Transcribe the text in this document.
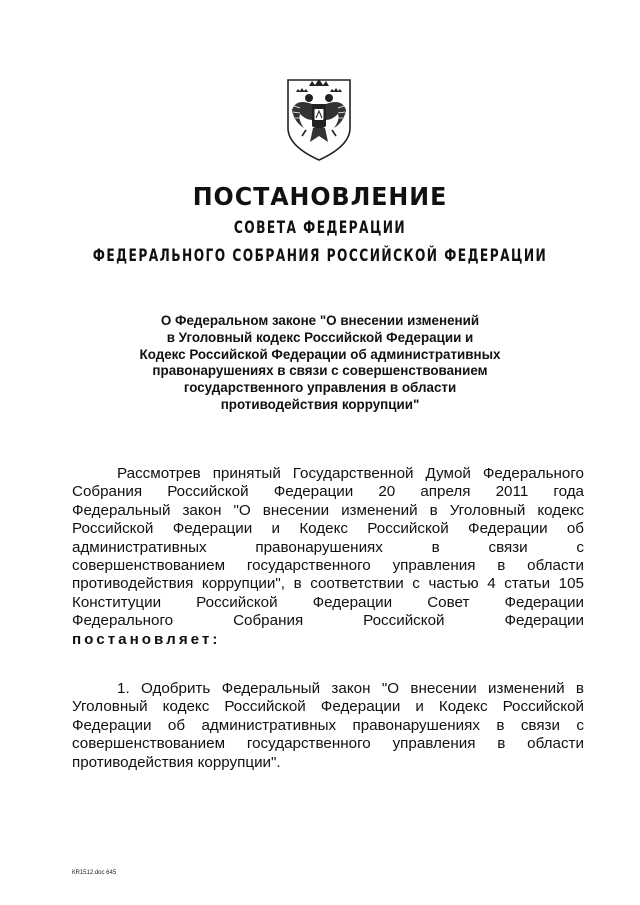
ПОСТАНОВЛЕНИЕ
СОВЕТА ФЕДЕРАЦИИ
ФЕДЕРАЛЬНОГО СОБРАНИЯ РОССИЙСКОЙ ФЕДЕРАЦИИ
О Федеральном законе "О внесении изменений
в Уголовный кодекс Российской Федерации и
Кодекс Российской Федерации об административных
правонарушениях в связи с совершенствованием
государственного управления в области
противодействия коррупции"
Рассмотрев принятый Государственной Думой Федерального
Собрания Российской Федерации 20 апреля 2011 года
Федеральный закон "О внесении изменений в Уголовный кодекс
Российской Федерации и Кодекс Российской Федерации об
административных правонарушениях в связи с
совершенствованием государственного управления в области
противодействия коррупции", в соответствии с частью 4 статьи 105
Конституции Российской Федерации Совет Федерации
Федерального Собрания Российской Федерации
постановляет:
1. Одобрить Федеральный закон "О внесении изменений в
Уголовный кодекс Российской Федерации и Кодекс Российской
Федерации об административных правонарушениях в связи с
совершенствованием государственного управления в области
противодействия коррупции".
КR1512.doc 645
